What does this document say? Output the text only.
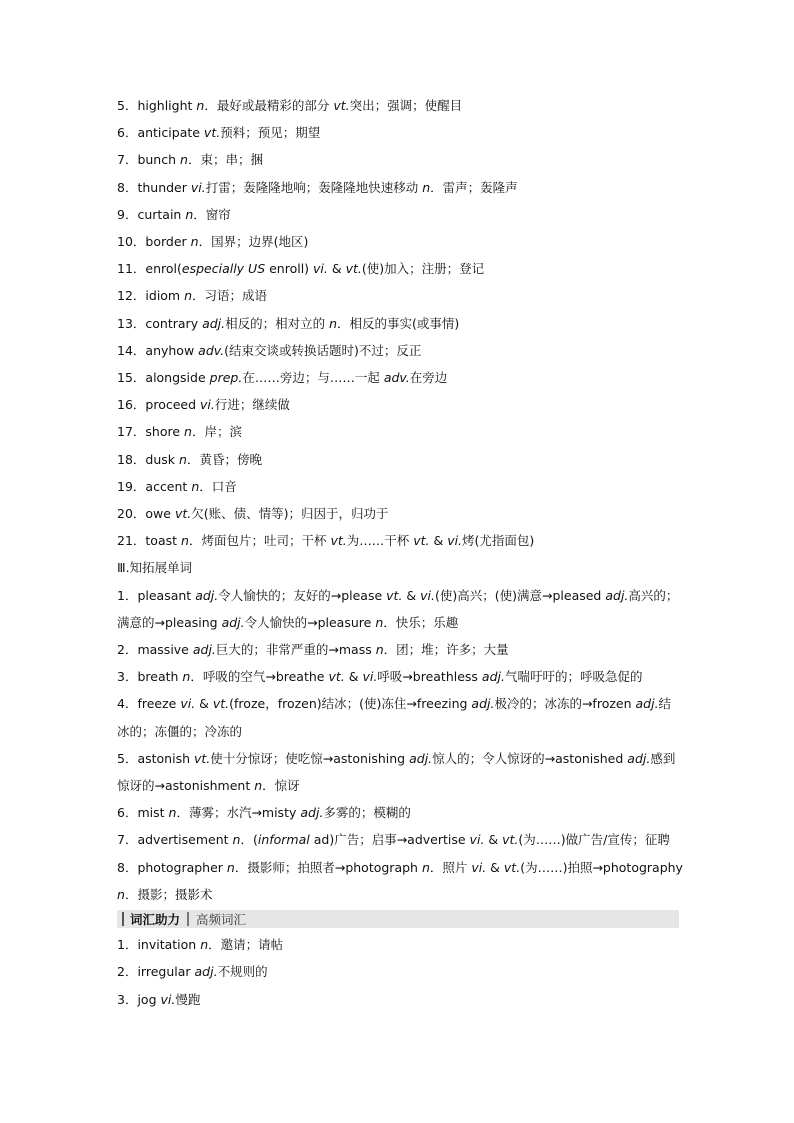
5．highlight n．最好或最精彩的部分 vt.突出；强调；使醒目
6．anticipate vt.预料；预见；期望
7．bunch n．束；串；捆
8．thunder vi.打雷；轰隆隆地响；轰隆隆地快速移动 n．雷声；轰隆声
9．curtain n．窗帘
10．border n．国界；边界(地区)
11．enrol(especially US enroll) vi. & vt.(使)加入；注册；登记
12．idiom n．习语；成语
13．contrary adj.相反的；相对立的 n．相反的事实(或事情)
14．anyhow adv.(结束交谈或转换话题时)不过；反正
15．alongside prep.在……旁边；与……一起 adv.在旁边
16．proceed vi.行进；继续做
17．shore n．岸；滨
18．dusk n．黄昏；傍晚
19．accent n．口音
20．owe vt.欠(账、债、情等)；归因于，归功于
21．toast n．烤面包片；吐司；干杯 vt.为……干杯 vt. & vi.烤(尤指面包)
Ⅲ.知拓展单词
1．pleasant adj.令人愉快的；友好的→please vt. & vi.(使)高兴；(使)满意→pleased adj.高兴的；
满意的→pleasing adj.令人愉快的→pleasure n．快乐；乐趣
2．massive adj.巨大的；非常严重的→mass n．团；堆；许多；大量
3．breath n．呼吸的空气→breathe vt. & vi.呼吸→breathless adj.气喘吁吁的；呼吸急促的
4．freeze vi. & vt.(froze，frozen)结冰；(使)冻住→freezing adj.极冷的；冰冻的→frozen adj.结
冰的；冻僵的；冷冻的
5．astonish vt.使十分惊讶；使吃惊→astonishing adj.惊人的；令人惊讶的→astonished adj.感到
惊讶的→astonishment n．惊讶
6．mist n．薄雾；水汽→misty adj.多雾的；模糊的
7．advertisement n．(informal ad)广告；启事→advertise vi. & vt.(为……)做广告/宣传；征聘
8．photographer n．摄影师；拍照者→photograph n．照片 vi. & vt.(为……)拍照→photography
n．摄影；摄影术
词汇助力 高频词汇
1．invitation n．邀请；请帖
2．irregular adj.不规则的
3．jog vi.慢跑
